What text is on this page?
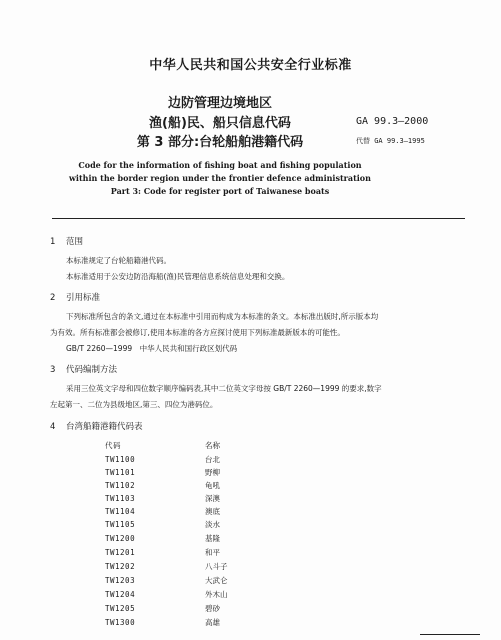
中华人民共和国公共安全行业标准
边防管理边境地区
渔(船)民、船只信息代码
第 3 部分:台轮船舶港籍代码
GA 99.3—2000
代替 GA 99.3—1995
Code for the information of fishing boat and fishing population
within the border region under the frontier defence administration
Part 3: Code for register port of Taiwanese boats
1 范围
本标准规定了台轮船籍港代码。
本标准适用于公安边防沿海船(渔)民管理信息系统信息处理和交换。
2 引用标准
下列标准所包含的条文,通过在本标准中引用而构成为本标准的条文。本标准出版时,所示版本均
为有效。所有标准都会被修订,使用本标准的各方应探讨使用下列标准最新版本的可能性。
GB/T 2260—1999　中华人民共和国行政区划代码
3 代码编制方法
采用三位英文字母和四位数字顺序编码表,其中二位英文字母按 GB/T 2260—1999 的要求,数字
左起第一、二位为县级地区,第三、四位为港码位。
4 台湾船籍港籍代码表
代码	名称
TW1100	台北
TW1101	野柳
TW1102	龟吼
TW1103	深澳
TW1104	澳底
TW1105	淡水
TW1200	基隆
TW1201	和平
TW1202	八斗子
TW1203	大武仑
TW1204	外木山
TW1205	碧砂
TW1300	高雄
